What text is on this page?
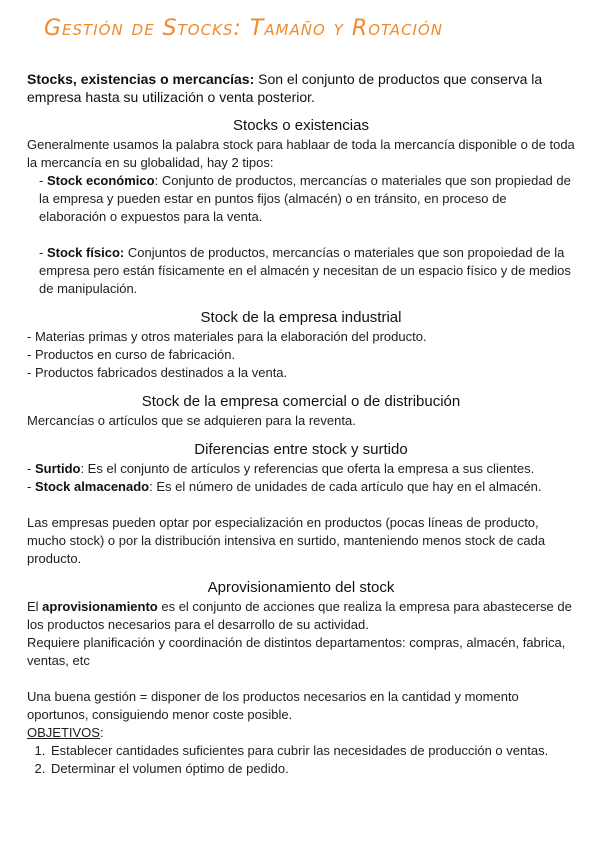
Gestión de Stocks: Tamaño y Rotación

Stocks, existencias o mercancías: Son el conjunto de productos que conserva la empresa hasta su utilización o venta posterior.

Stocks o existencias

Generalmente usamos la palabra stock para hablaar de toda la mercancía disponible o de toda la mercancía en su globalidad, hay 2 tipos:

- Stock económico: Conjunto de productos, mercancías o materiales que son propiedad de la empresa y pueden estar en puntos fijos (almacén) o en tránsito, en proceso de elaboración o expuestos para la venta.

- Stock físico: Conjuntos de productos, mercancías o materiales que son propoiedad de la empresa pero están físicamente en el almacén y necesitan de un espacio físico y de medios de manipulación.

Stock de la empresa industrial

- Materias primas y otros materiales para la elaboración del producto.

- Productos en curso de fabricación.

- Productos fabricados destinados a la venta.

Stock de la empresa comercial o de distribución

Mercancías o artículos que se adquieren para la reventa.

Diferencias entre stock y surtido

- Surtido: Es el conjunto de artículos y referencias que oferta la empresa a sus clientes.

- Stock almacenado: Es el número de unidades de cada artículo que hay en el almacén.

Las empresas pueden optar por especialización en productos (pocas líneas de producto, mucho stock) o por la distribución intensiva en surtido, manteniendo menos stock de cada producto.

Aprovisionamiento del stock

El aprovisionamiento es el conjunto de acciones que realiza la empresa para abastecerse de los productos necesarios para el desarrollo de su actividad.

Requiere planificación y coordinación de distintos departamentos: compras, almacén, fabrica, ventas, etc

Una buena gestión = disponer de los productos necesarios en la cantidad y momento oportunos, consiguiendo menor coste posible.

OBJETIVOS:

1. Establecer cantidades suficientes para cubrir las necesidades de producción o ventas.
2. Determinar el volumen óptimo de pedido.
